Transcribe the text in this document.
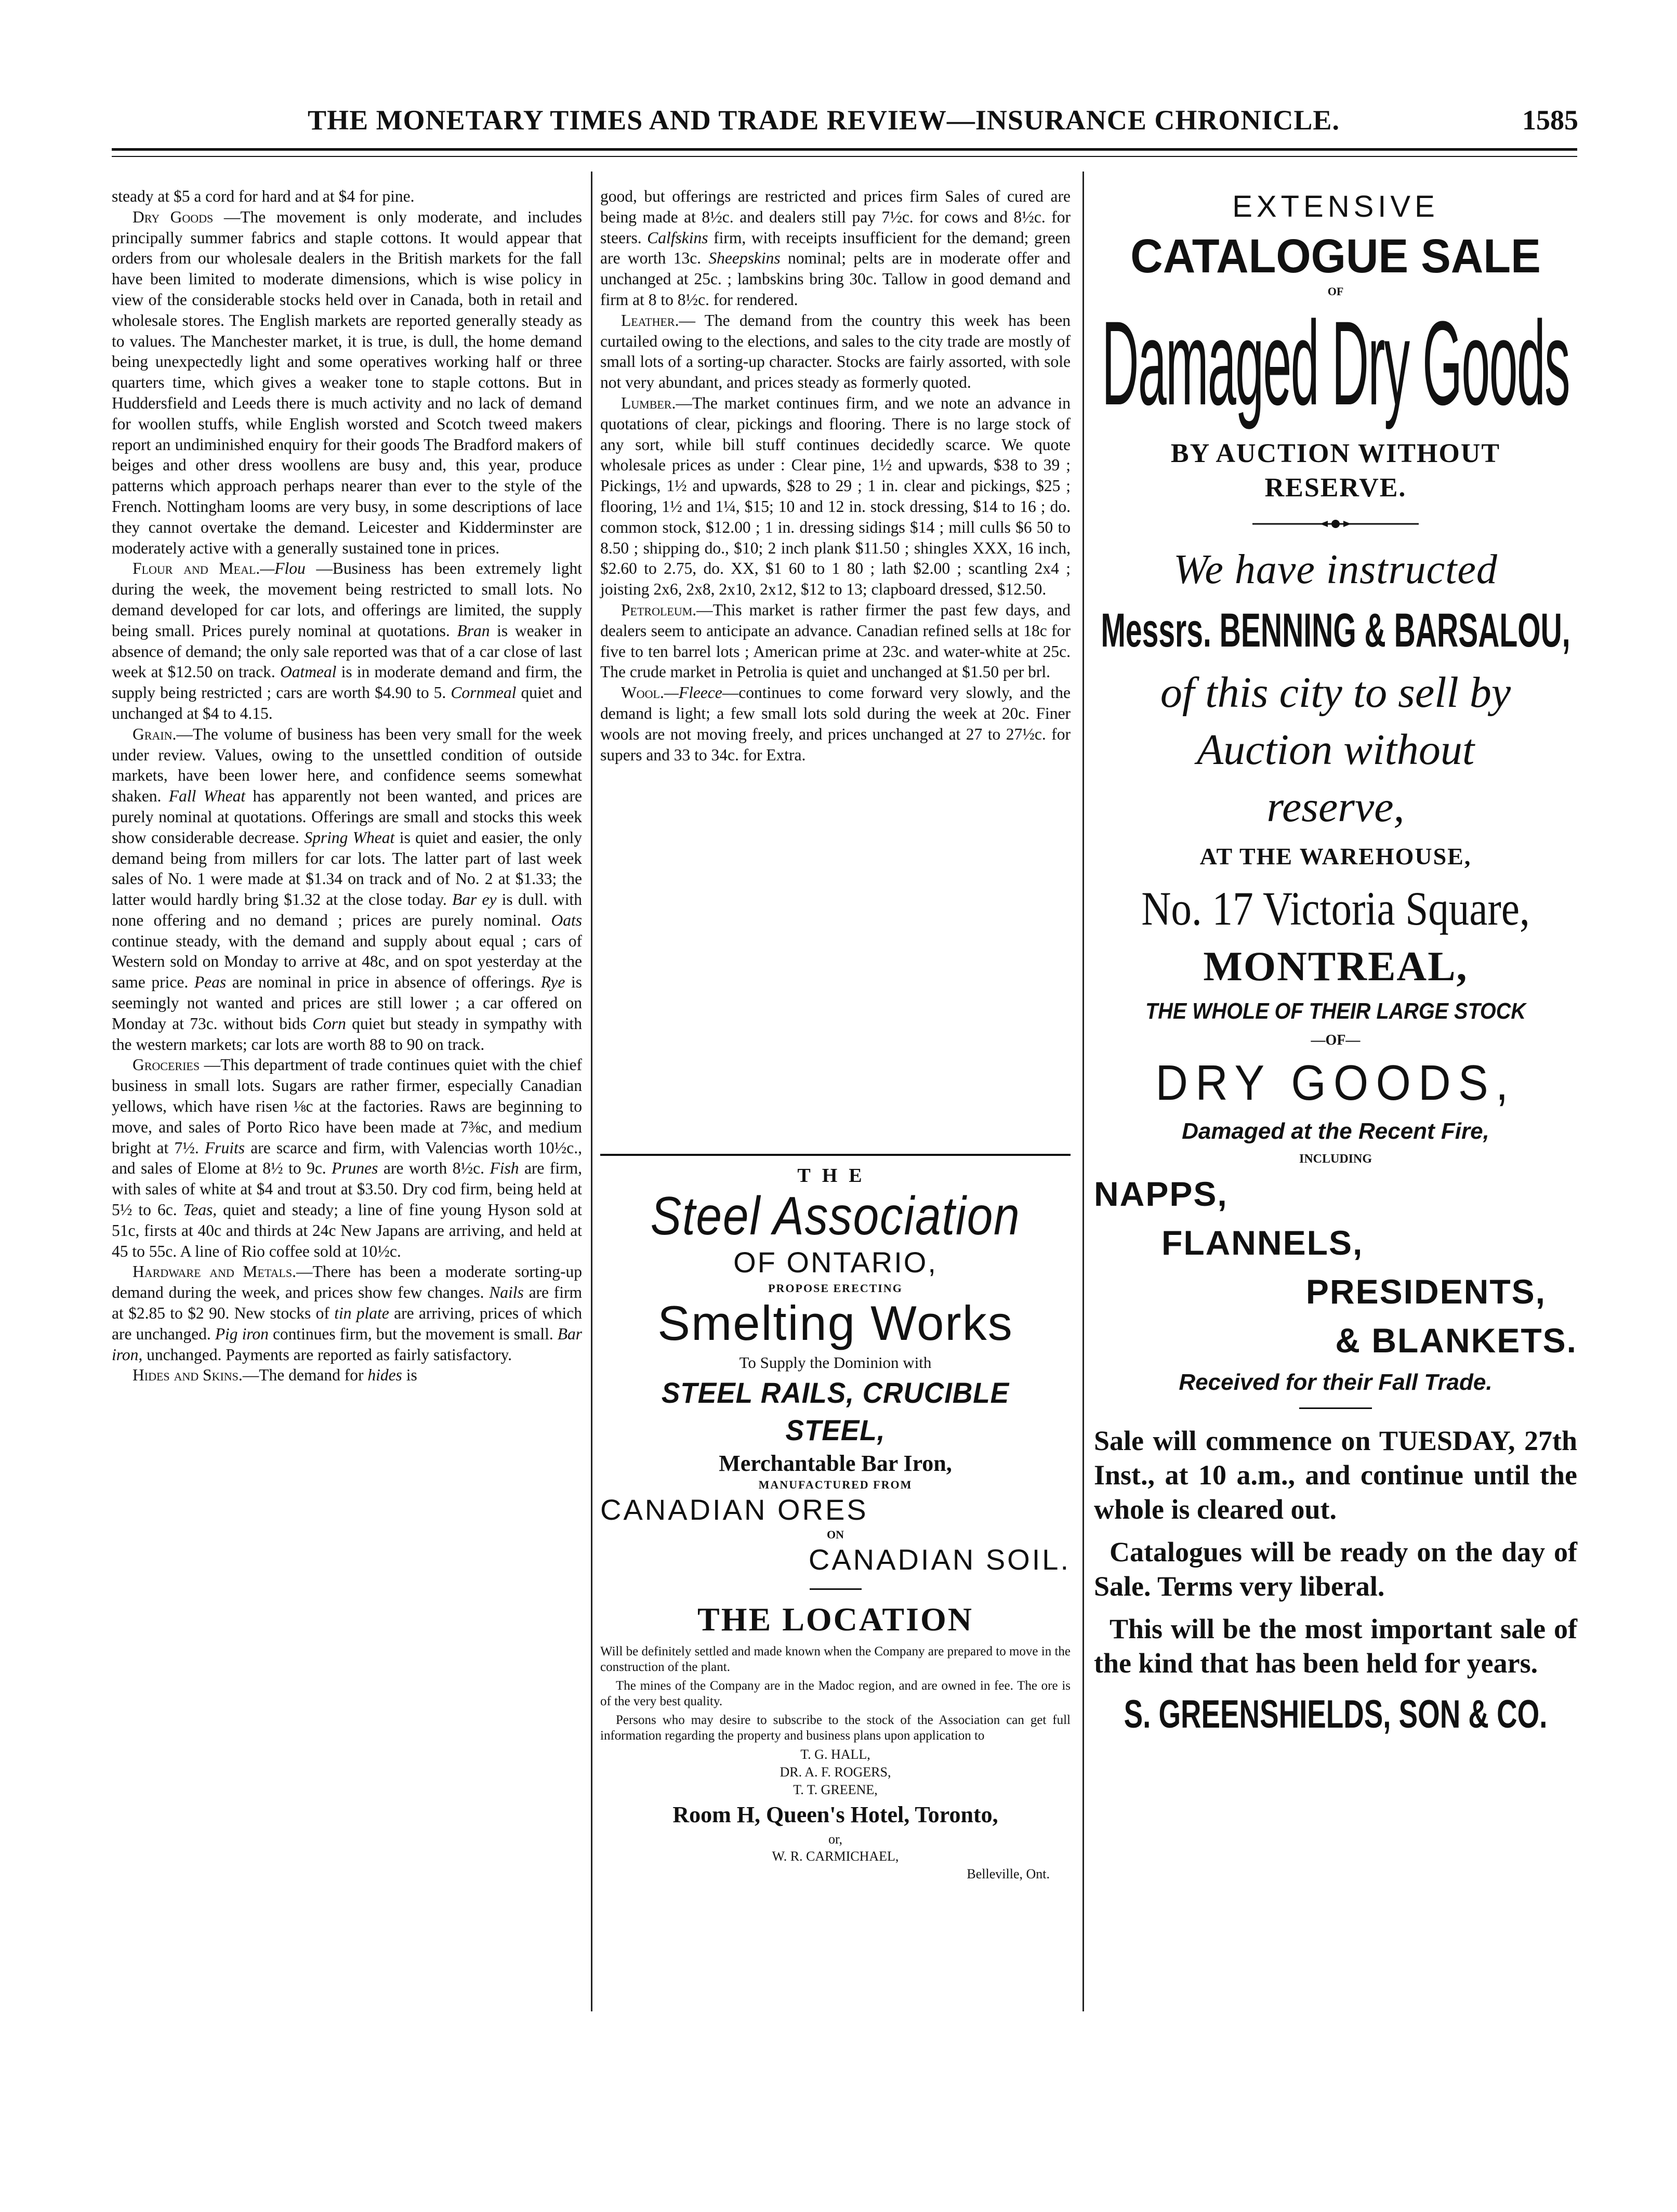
THE MONETARY TIMES AND TRADE REVIEW—INSURANCE CHRONICLE.	1585

steady at $5 a cord for hard and at $4 for pine.

Dry Goods —The movement is only moderate, and includes principally summer fabrics and staple cottons. It would appear that orders from our wholesale dealers in the British markets for the fall have been limited to moderate dimensions, which is wise policy in view of the considerable stocks held over in Canada, both in retail and wholesale stores. The English markets are reported generally steady as to values. The Manchester market, it is true, is dull, the home demand being unexpectedly light and some operatives working half or three quarters time, which gives a weaker tone to staple cottons. But in Huddersfield and Leeds there is much activity and no lack of demand for woollen stuffs, while English worsted and Scotch tweed makers report an undiminished enquiry for their goods The Bradford makers of beiges and other dress woollens are busy and, this year, produce patterns which approach perhaps nearer than ever to the style of the French. Nottingham looms are very busy, in some descriptions of lace they cannot overtake the demand. Leicester and Kidderminster are moderately active with a generally sustained tone in prices.

Flour and Meal.—Flou —Business has been extremely light during the week, the movement being restricted to small lots. No demand developed for car lots, and offerings are limited, the supply being small. Prices purely nominal at quotations. Bran is weaker in absence of demand; the only sale reported was that of a car close of last week at $12.50 on track. Oatmeal is in moderate demand and firm, the supply being restricted ; cars are worth $4.90 to 5. Cornmeal quiet and unchanged at $4 to 4.15.

Grain.—The volume of business has been very small for the week under review. Values, owing to the unsettled condition of outside markets, have been lower here, and confidence seems somewhat shaken. Fall Wheat has apparently not been wanted, and prices are purely nominal at quotations. Offerings are small and stocks this week show considerable decrease. Spring Wheat is quiet and easier, the only demand being from millers for car lots. The latter part of last week sales of No. 1 were made at $1.34 on track and of No. 2 at $1.33; the latter would hardly bring $1.32 at the close today. Bar ey is dull. with none offering and no demand ; prices are purely nominal. Oats continue steady, with the demand and supply about equal ; cars of Western sold on Monday to arrive at 48c, and on spot yesterday at the same price. Peas are nominal in price in absence of offerings. Rye is seemingly not wanted and prices are still lower ; a car offered on Monday at 73c. without bids Corn quiet but steady in sympathy with the western markets; car lots are worth 88 to 90 on track.

Groceries —This department of trade continues quiet with the chief business in small lots. Sugars are rather firmer, especially Canadian yellows, which have risen ⅛c at the factories. Raws are beginning to move, and sales of Porto Rico have been made at 7⅜c, and medium bright at 7½. Fruits are scarce and firm, with Valencias worth 10½c., and sales of Elome at 8½ to 9c. Prunes are worth 8½c. Fish are firm, with sales of white at $4 and trout at $3.50. Dry cod firm, being held at 5½ to 6c. Teas, quiet and steady; a line of fine young Hyson sold at 51c, firsts at 40c and thirds at 24c New Japans are arriving, and held at 45 to 55c. A line of Rio coffee sold at 10½c.

Hardware and Metals.—There has been a moderate sorting-up demand during the week, and prices show few changes. Nails are firm at $2.85 to $2 90. New stocks of tin plate are arriving, prices of which are unchanged. Pig iron continues firm, but the movement is small. Bar iron, unchanged. Payments are reported as fairly satisfactory.

Hides and Skins.—The demand for hides is

good, but offerings are restricted and prices firm Sales of cured are being made at 8½c. and dealers still pay 7½c. for cows and 8½c. for steers. Calfskins firm, with receipts insufficient for the demand; green are worth 13c. Sheepskins nominal; pelts are in moderate offer and unchanged at 25c. ; lambskins bring 30c. Tallow in good demand and firm at 8 to 8½c. for rendered.

Leather.— The demand from the country this week has been curtailed owing to the elections, and sales to the city trade are mostly of small lots of a sorting-up character. Stocks are fairly assorted, with sole not very abundant, and prices steady as formerly quoted.

Lumber.—The market continues firm, and we note an advance in quotations of clear, pickings and flooring. There is no large stock of any sort, while bill stuff continues decidedly scarce. We quote wholesale prices as under : Clear pine, 1½ and upwards, $38 to 39 ; Pickings, 1½ and upwards, $28 to 29 ; 1 in. clear and pickings, $25 ; flooring, 1½ and 1¼, $15; 10 and 12 in. stock dressing, $14 to 16 ; do. common stock, $12.00 ; 1 in. dressing sidings $14 ; mill culls $6 50 to 8.50 ; shipping do., $10; 2 inch plank $11.50 ; shingles XXX, 16 inch, $2.60 to 2.75, do. XX, $1 60 to 1 80 ; lath $2.00 ; scantling 2x4 ; joisting 2x6, 2x8, 2x10, 2x12, $12 to 13; clapboard dressed, $12.50.

Petroleum.—This market is rather firmer the past few days, and dealers seem to anticipate an advance. Canadian refined sells at 18c for five to ten barrel lots ; American prime at 23c. and water-white at 25c. The crude market in Petrolia is quiet and unchanged at $1.50 per brl.

Wool.—Fleece—continues to come forward very slowly, and the demand is light; a few small lots sold during the week at 20c. Finer wools are not moving freely, and prices unchanged at 27 to 27½c. for supers and 33 to 34c. for Extra.

THE
Steel Association
OF ONTARIO,
PROPOSE ERECTING
Smelting Works
To Supply the Dominion with
STEEL RAILS, CRUCIBLE STEEL,
Merchantable Bar Iron,
MANUFACTURED FROM
CANADIAN ORES
ON
CANADIAN SOIL.
THE LOCATION

Will be definitely settled and made known when the Company are prepared to move in the construction of the plant.

The mines of the Company are in the Madoc region, and are owned in fee. The ore is of the very best quality.

Persons who may desire to subscribe to the stock of the Association can get full information regarding the property and business plans upon application to

T. G. HALL,
DR. A. F. ROGERS,
T. T. GREENE,
Room H, Queen's Hotel, Toronto,
or,
W. R. CARMICHAEL,
Belleville, Ont.
EXTENSIVE
CATALOGUE SALE
OF
Damaged Dry Goods
BY AUCTION WITHOUT
RESERVE.
We have instructed
Messrs. BENNING & BARSALOU,
of this city to sell by
Auction without
reserve,
AT THE WAREHOUSE,
No. 17 Victoria Square,
MONTREAL,
THE WHOLE OF THEIR LARGE STOCK
—OF—
DRY GOODS,
Damaged at the Recent Fire,
INCLUDING
NAPPS,
FLANNELS,
PRESIDENTS,
& BLANKETS.
Received for their Fall Trade.

Sale will commence on TUESDAY, 27th Inst., at 10 a.m., and continue until the whole is cleared out.

Catalogues will be ready on the day of Sale. Terms very liberal.

This will be the most important sale of the kind that has been held for years.

S. GREENSHIELDS, SON & CO.
